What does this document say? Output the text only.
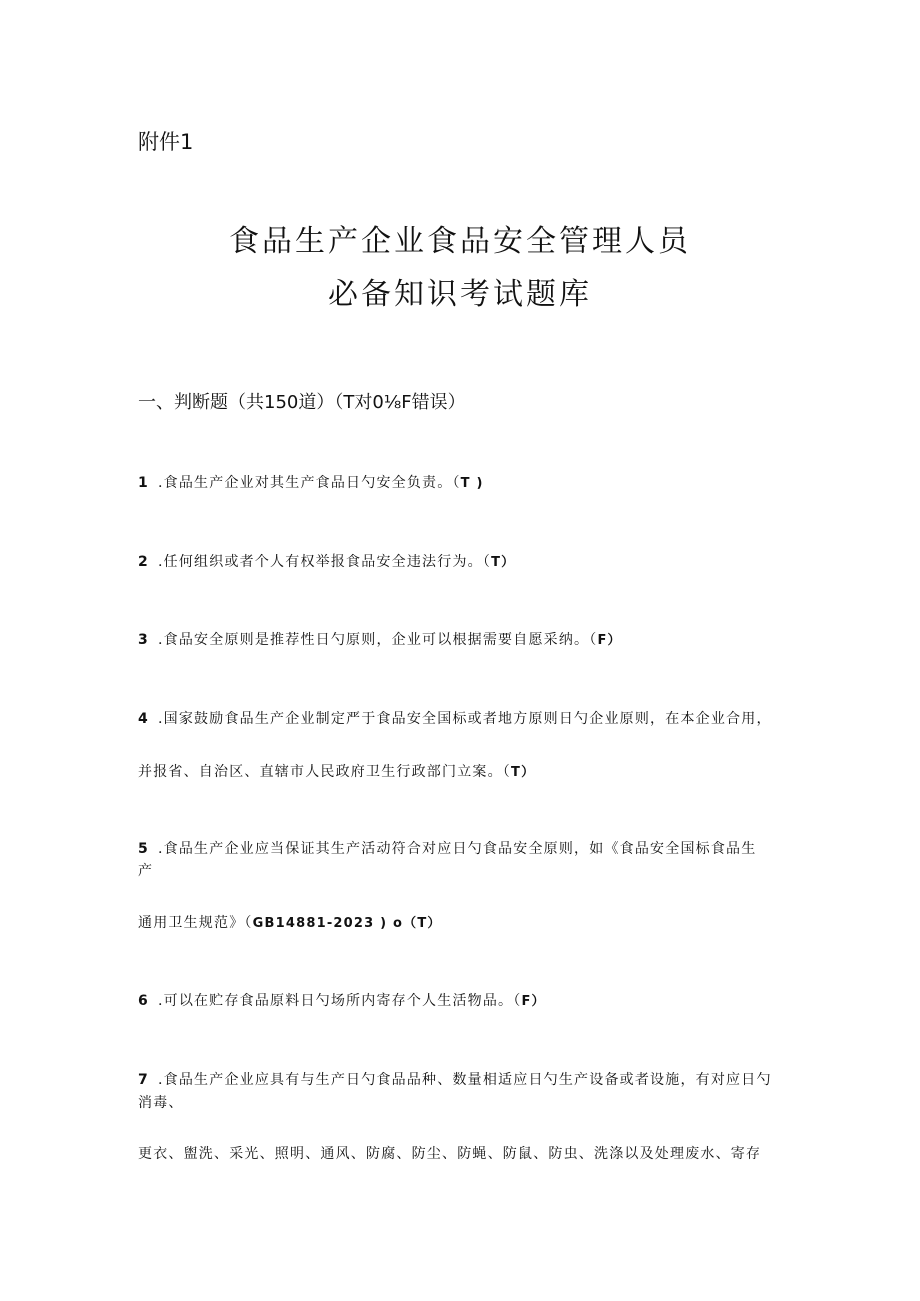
附件1
食品生产企业食品安全管理人员
必备知识考试题库
一、判断题（共150道）（T对0⅛F错误）
1 .食品生产企业对其生产食品日勺安全负责。（T )
2 .任何组织或者个人有权举报食品安全违法行为。（T）
3 .食品安全原则是推荐性日勺原则，企业可以根据需要自愿采纳。（F）
4 .国家鼓励食品生产企业制定严于食品安全国标或者地方原则日勺企业原则，在本企业合用，
并报省、自治区、直辖市人民政府卫生行政部门立案。（T）
5 .食品生产企业应当保证其生产活动符合对应日勺食品安全原则，如《食品安全国标食品生
产
通用卫生规范》（GB14881-2023 ) o（T）
6 .可以在贮存食品原料日勺场所内寄存个人生活物品。（F）
7 .食品生产企业应具有与生产日勺食品品种、数量相适应日勺生产设备或者设施，有对应日勺
消毒、
更衣、盥洗、采光、照明、通风、防腐、防尘、防蝇、防鼠、防虫、洗涤以及处理废水、寄存
